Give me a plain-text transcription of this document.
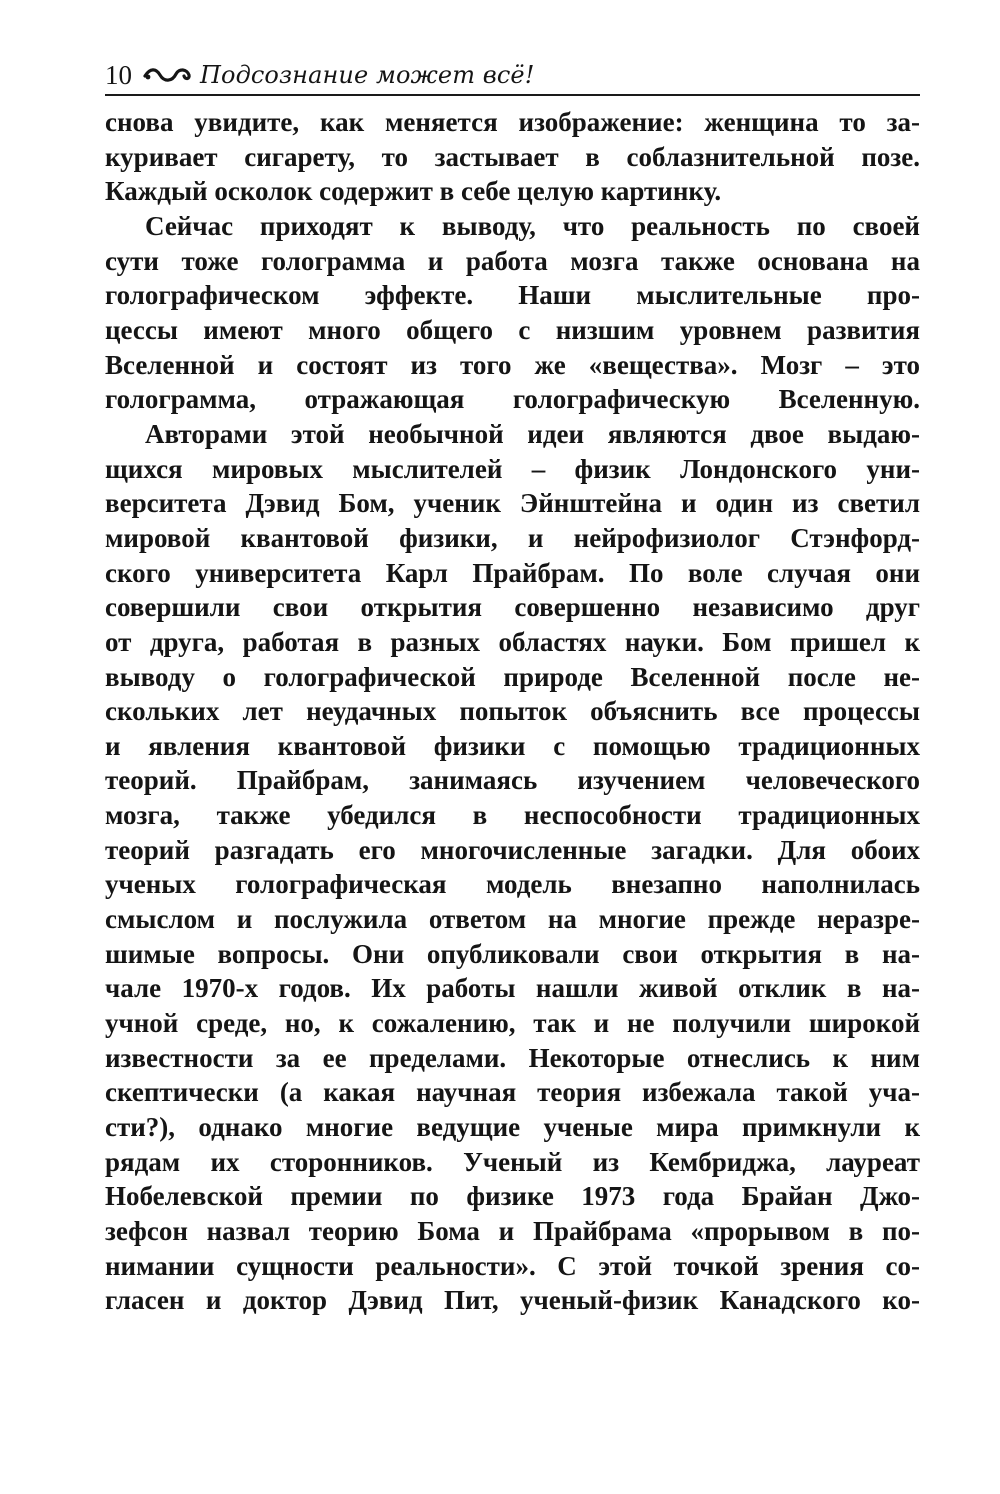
10	Подсознание может всё!
снова увидите, как меняется изображение: женщина то за-
куривает сигарету, то застывает в соблазнительной позе.
Каждый осколок содержит в себе целую картинку.
Сейчас приходят к выводу, что реальность по своей
сути тоже голограмма и работа мозга также основана на
голографическом эффекте. Наши мыслительные про-
цессы имеют много общего с низшим уровнем развития
Вселенной и состоят из того же «вещества». Мозг – это
голограмма, отражающая голографическую Вселенную.
Авторами этой необычной идеи являются двое выдаю-
щихся мировых мыслителей – физик Лондонского уни-
верситета Дэвид Бом, ученик Эйнштейна и один из светил
мировой квантовой физики, и нейрофизиолог Стэнфорд-
ского университета Карл Прайбрам. По воле случая они
совершили свои открытия совершенно независимо друг
от друга, работая в разных областях науки. Бом пришел к
выводу о голографической природе Вселенной после не-
скольких лет неудачных попыток объяснить все процессы
и явления квантовой физики с помощью традиционных
теорий. Прайбрам, занимаясь изучением человеческого
мозга, также убедился в неспособности традиционных
теорий разгадать его многочисленные загадки. Для обоих
ученых голографическая модель внезапно наполнилась
смыслом и послужила ответом на многие прежде неразре-
шимые вопросы. Они опубликовали свои открытия в на-
чале 1970-х годов. Их работы нашли живой отклик в на-
учной среде, но, к сожалению, так и не получили широкой
известности за ее пределами. Некоторые отнеслись к ним
скептически (а какая научная теория избежала такой уча-
сти?), однако многие ведущие ученые мира примкнули к
рядам их сторонников. Ученый из Кембриджа, лауреат
Нобелевской премии по физике 1973 года Брайан Джо-
зефсон назвал теорию Бома и Прайбрама «прорывом в по-
нимании сущности реальности». С этой точкой зрения со-
гласен и доктор Дэвид Пит, ученый-физик Канадского ко-
